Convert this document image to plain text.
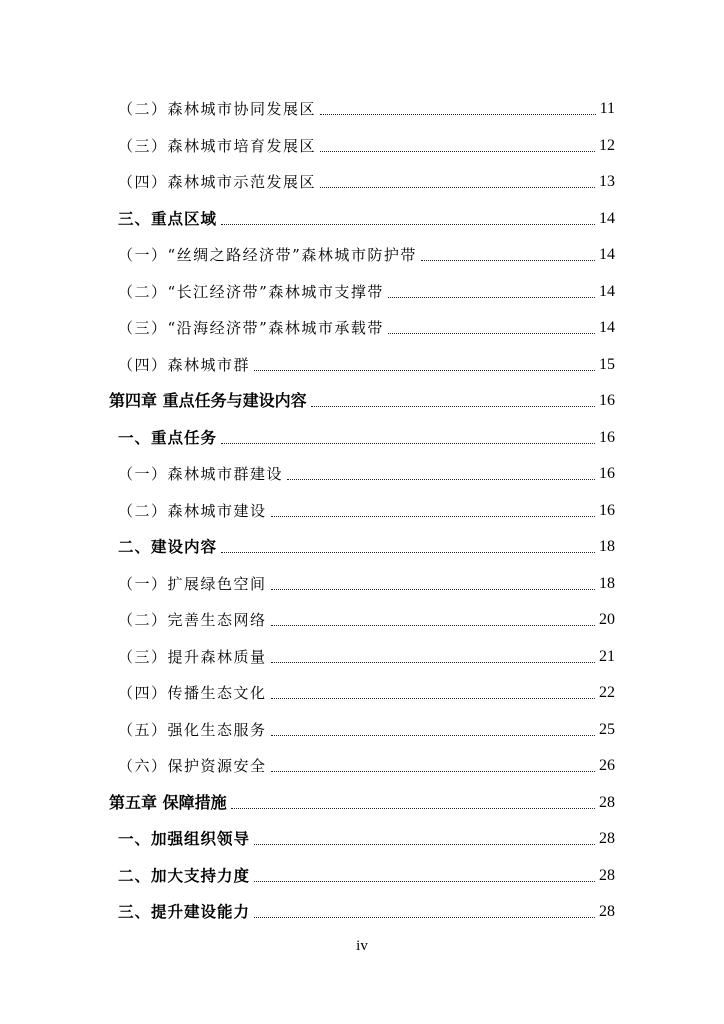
（二）森林城市协同发展区	11
（三）森林城市培育发展区	12
（四）森林城市示范发展区	13
三、重点区域	14
（一）“丝绸之路经济带”森林城市防护带	14
（二）“长江经济带”森林城市支撑带	14
（三）“沿海经济带”森林城市承载带	14
（四）森林城市群	15
第四章 重点任务与建设内容	16
一、重点任务	16
（一）森林城市群建设	16
（二）森林城市建设	16
二、建设内容	18
（一）扩展绿色空间	18
（二）完善生态网络	20
（三）提升森林质量	21
（四）传播生态文化	22
（五）强化生态服务	25
（六）保护资源安全	26
第五章 保障措施	28
一、加强组织领导	28
二、加大支持力度	28
三、提升建设能力	28
iv
